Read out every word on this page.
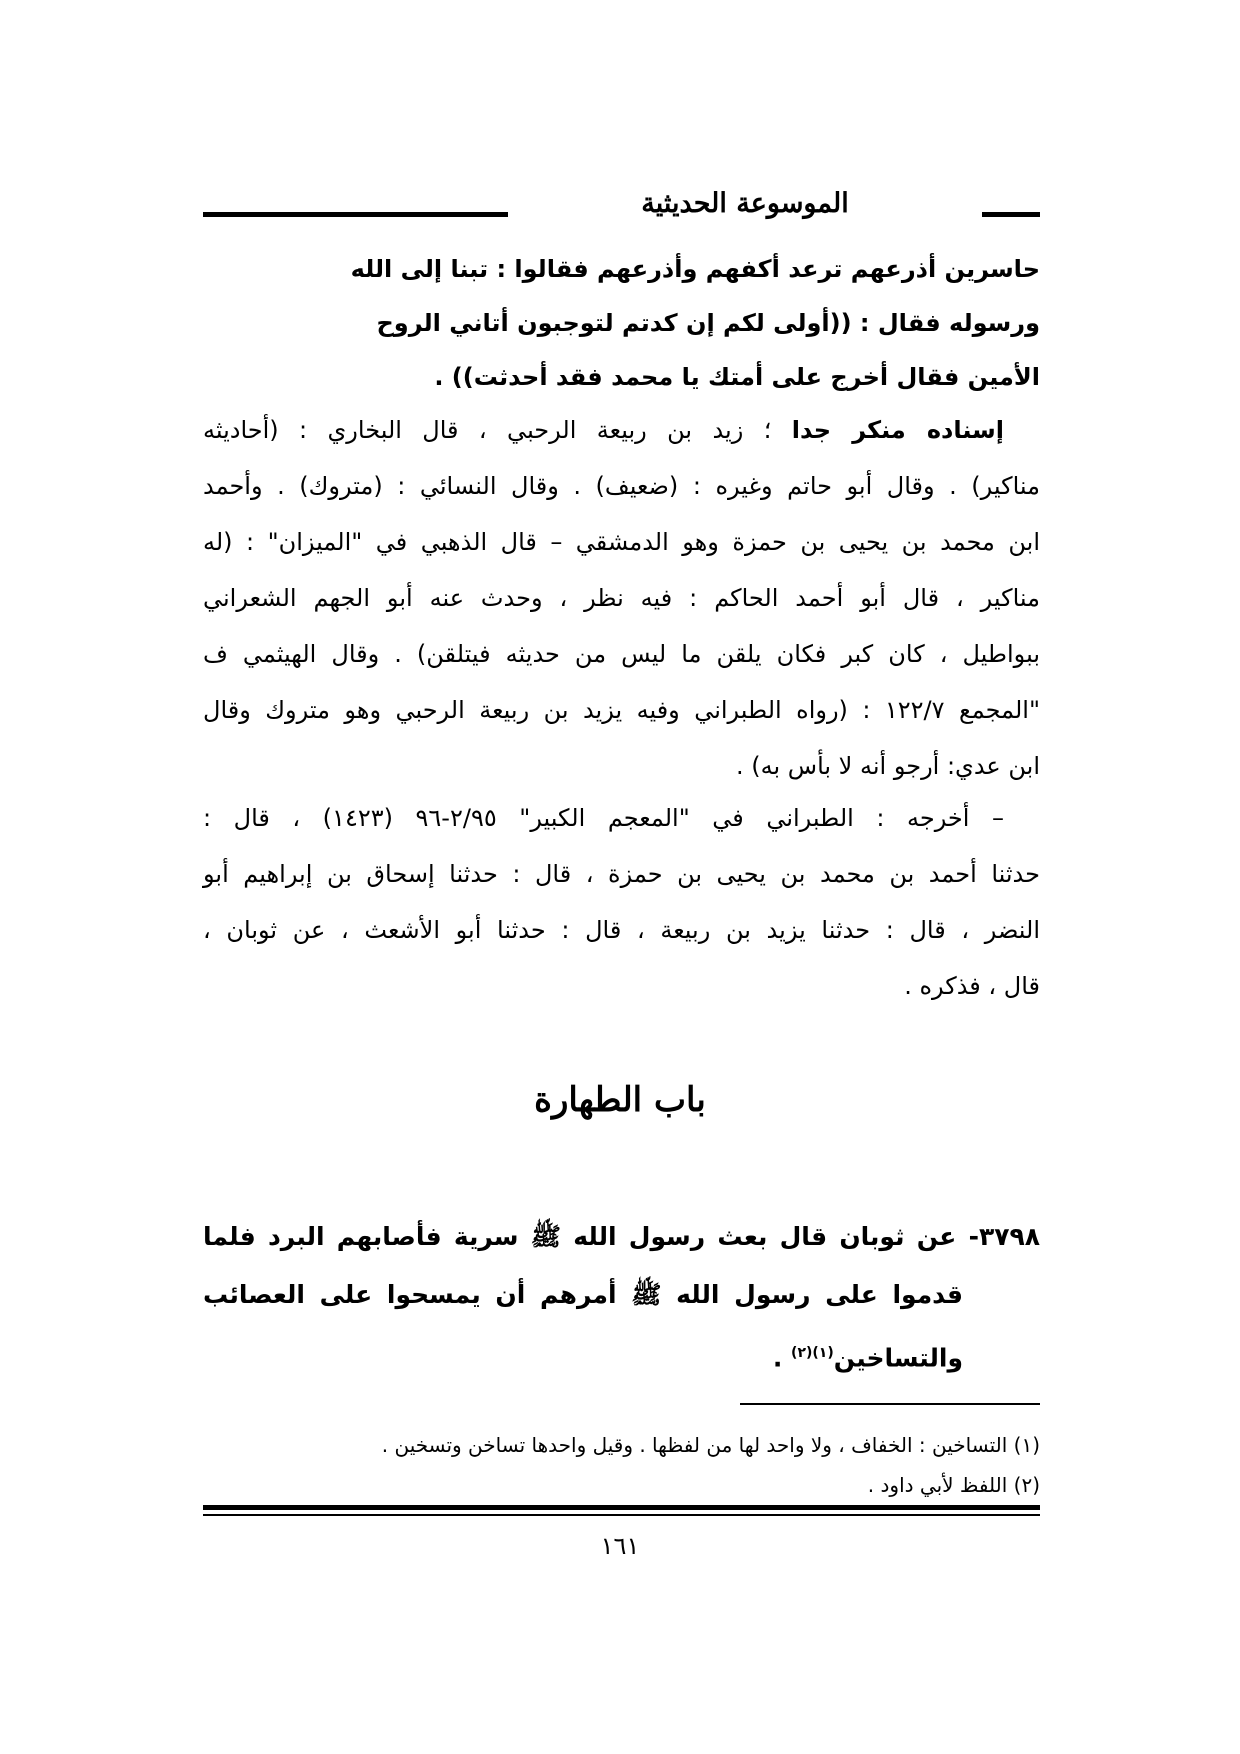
الموسوعة الحديثية
حاسرين أذرعهم ترعد أكفهم وأذرعهم فقالوا : تبنا إلى الله
ورسوله فقال : ((أولى لكم إن كدتم لتوجبون أتاني الروح
الأمين فقال أخرج على أمتك يا محمد فقد أحدثت)) .
إسناده منكر جدا ؛ زيد بن ربيعة الرحبي ، قال البخاري : (أحاديثه
مناكير) . وقال أبو حاتم وغيره : (ضعيف) . وقال النسائي : (متروك) . وأحمد
ابن محمد بن يحيى بن حمزة وهو الدمشقي – قال الذهبي في "الميزان" : (له
مناكير ، قال أبو أحمد الحاكم : فيه نظر ، وحدث عنه أبو الجهم الشعراني
ببواطيل ، كان كبر فكان يلقن ما ليس من حديثه فيتلقن) . وقال الهيثمي ف
"المجمع ١٢٢/٧ : (رواه الطبراني وفيه يزيد بن ربيعة الرحبي وهو متروك وقال
ابن عدي: أرجو أنه لا بأس به) .
– أخرجه : الطبراني في "المعجم الكبير" ٢/٩٥-٩٦ (١٤٢٣) ، قال :
حدثنا أحمد بن محمد بن يحيى بن حمزة ، قال : حدثنا إسحاق بن إبراهيم أبو
النضر ، قال : حدثنا يزيد بن ربيعة ، قال : حدثنا أبو الأشعث ، عن ثوبان ،
قال ، فذكره .
باب الطهارة
٣٧٩٨- عن ثوبان قال بعث رسول الله ﷺ سرية فأصابهم البرد فلما
قدموا على رسول الله ﷺ أمرهم أن يمسحوا على العصائب
والتساخين$^{(١)(٢)}$ .
(١) التساخين : الخفاف ، ولا واحد لها من لفظها . وقيل واحدها تساخن وتسخين .
(٢) اللفظ لأبي داود .
١٦١
